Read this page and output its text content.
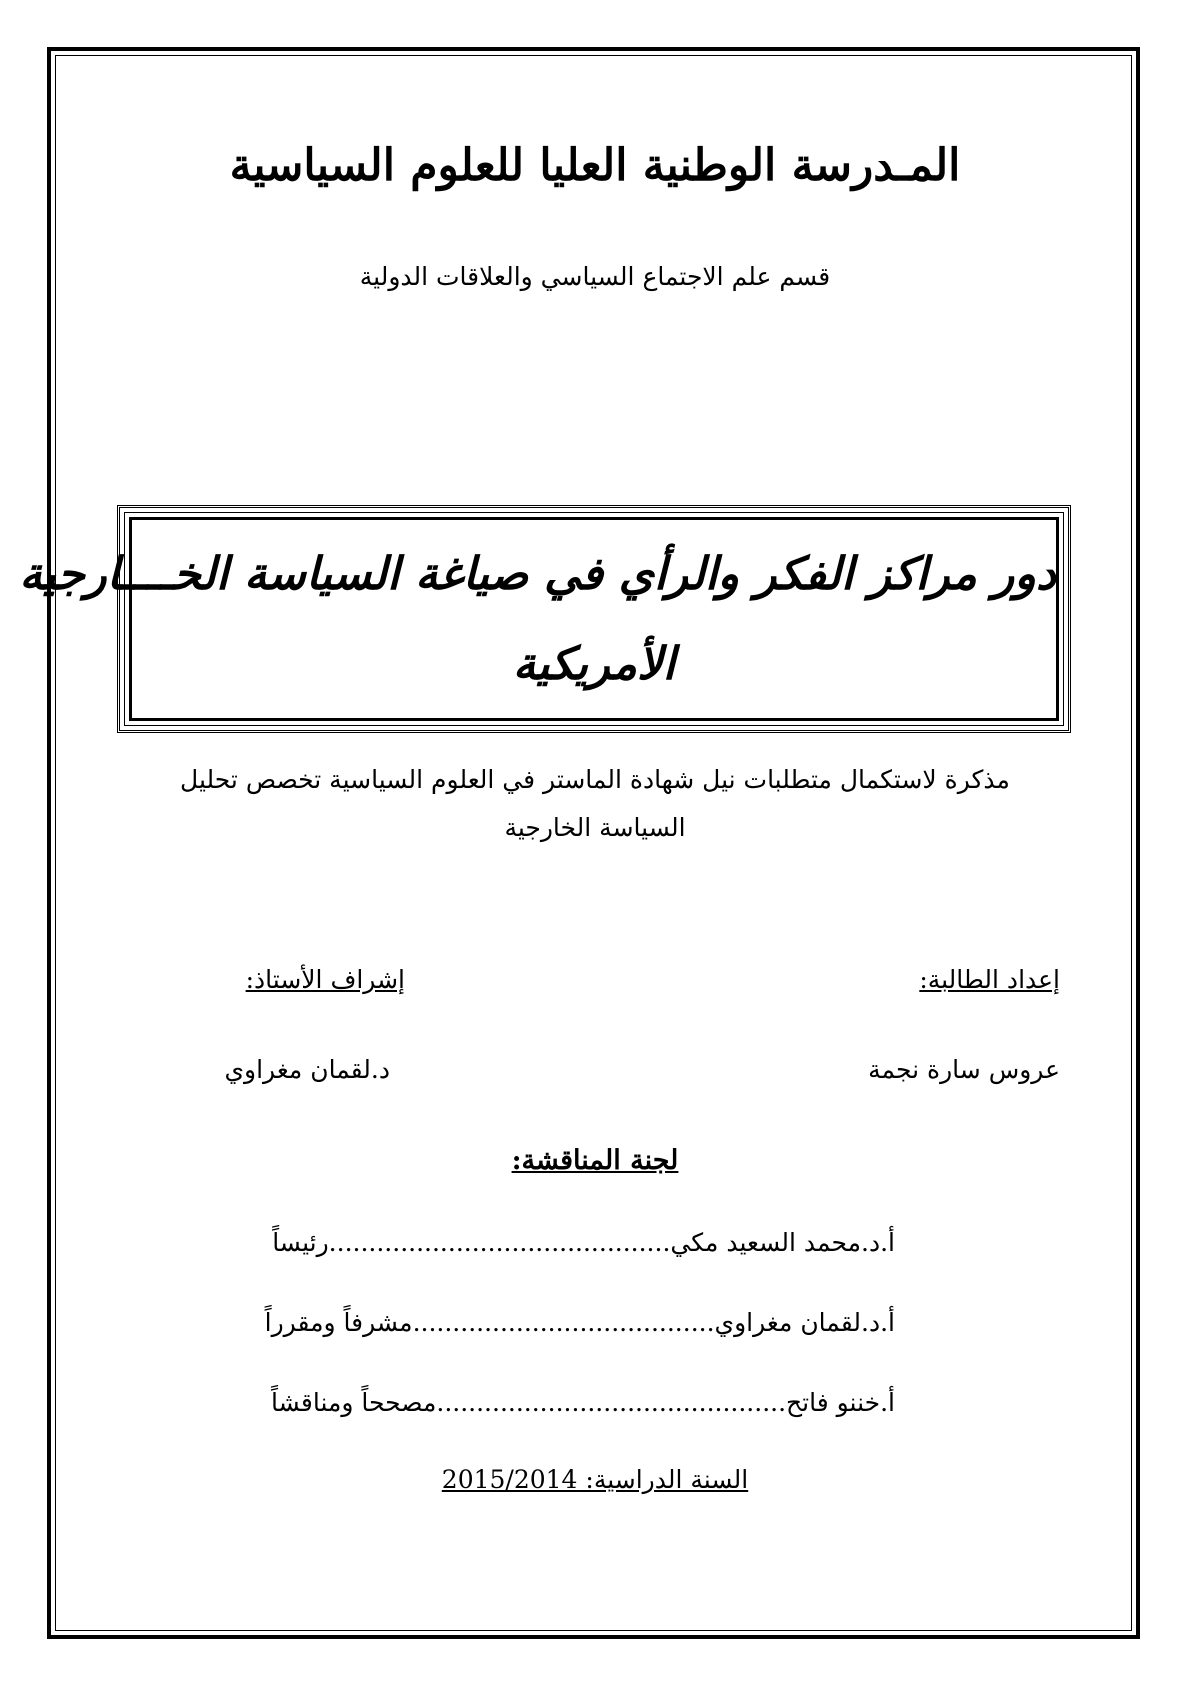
المـدرسة الوطنية العليا للعلوم السياسية
قسم علم الاجتماع السياسي والعلاقات الدولية
دور مراكز الفكر والرأي في صياغة السياسة الخــــارجية
الأمريكية
مذكرة لاستكمال متطلبات نيل شهادة الماستر في العلوم السياسية تخصص تحليل السياسة الخارجية
إعداد الطالبة:
إشراف الأستاذ:
عروس سارة نجمة
د.لقمان مغراوي
لجنة المناقشة:
أ.د.محمد السعيد مكي...........................................رئيساً
أ.د.لقمان مغراوي......................................مشرفاً ومقرراً
أ.خننو فاتح............................................مصححاً ومناقشاً
السنة الدراسية: 2015/2014
